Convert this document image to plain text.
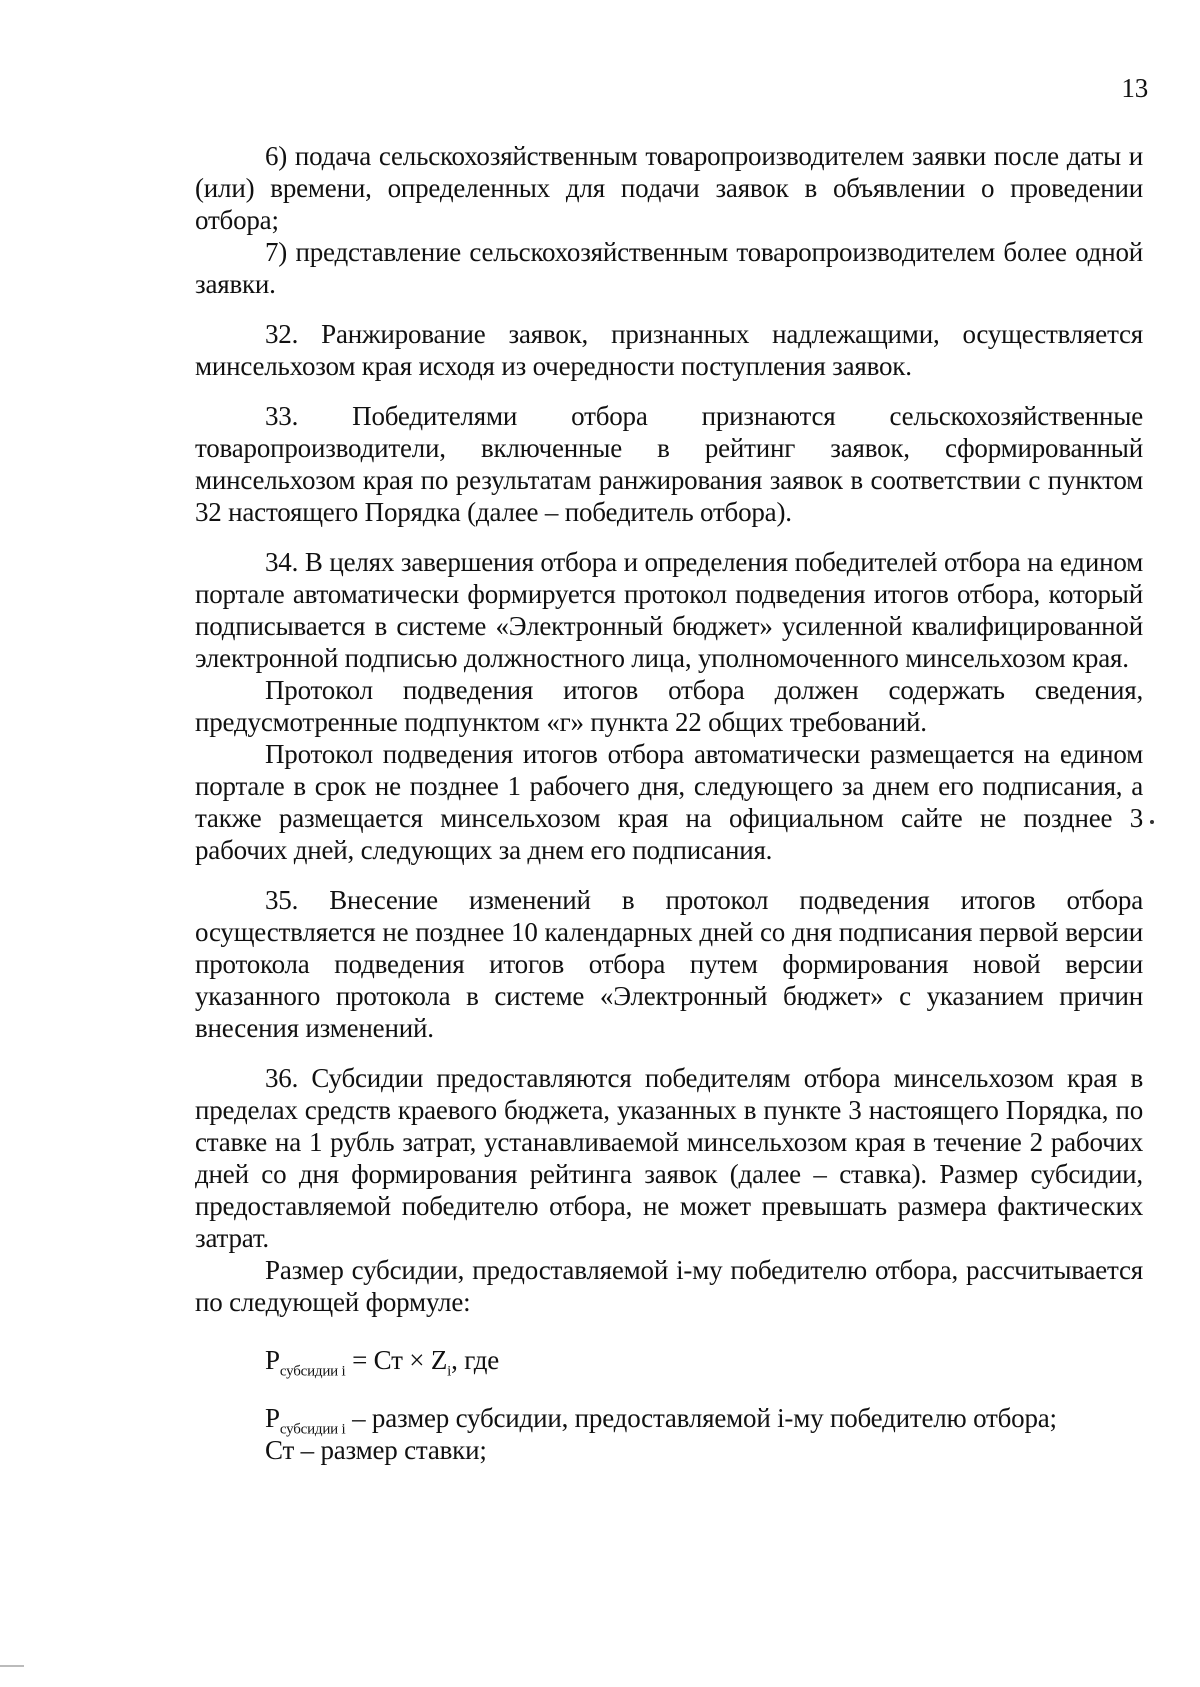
13

6) подача сельскохозяйственным товаропроизводителем заявки после даты и (или) времени, определенных для подачи заявок в объявлении о проведении отбора;

7) представление сельскохозяйственным товаропроизводителем более одной заявки.

32. Ранжирование заявок, признанных надлежащими, осуществляется минсельхозом края исходя из очередности поступления заявок.

33. Победителями отбора признаются сельскохозяйственные товаропроизводители, включенные в рейтинг заявок, сформированный минсельхозом края по результатам ранжирования заявок в соответствии с пунктом 32 настоящего Порядка (далее – победитель отбора).

34. В целях завершения отбора и определения победителей отбора на едином портале автоматически формируется протокол подведения итогов отбора, который подписывается в системе «Электронный бюджет» усиленной квалифицированной электронной подписью должностного лица, уполномоченного минсельхозом края.

Протокол подведения итогов отбора должен содержать сведения, предусмотренные подпунктом «г» пункта 22 общих требований.

Протокол подведения итогов отбора автоматически размещается на едином портале в срок не позднее 1 рабочего дня, следующего за днем его подписания, а также размещается минсельхозом края на официальном сайте не позднее 3 рабочих дней, следующих за днем его подписания.

35. Внесение изменений в протокол подведения итогов отбора осуществляется не позднее 10 календарных дней со дня подписания первой версии протокола подведения итогов отбора путем формирования новой версии указанного протокола в системе «Электронный бюджет» с указанием причин внесения изменений.

36. Субсидии предоставляются победителям отбора минсельхозом края в пределах средств краевого бюджета, указанных в пункте 3 настоящего Порядка, по ставке на 1 рубль затрат, устанавливаемой минсельхозом края в течение 2 рабочих дней со дня формирования рейтинга заявок (далее – ставка). Размер субсидии, предоставляемой победителю отбора, не может превышать размера фактических затрат.

Размер субсидии, предоставляемой i-му победителю отбора, рассчитывается по следующей формуле:

$Р_{субсидии i}$ = Ст × $Z_i$, где

$Р_{субсидии i}$ – размер субсидии, предоставляемой i-му победителю отбора;

Ст – размер ставки;
